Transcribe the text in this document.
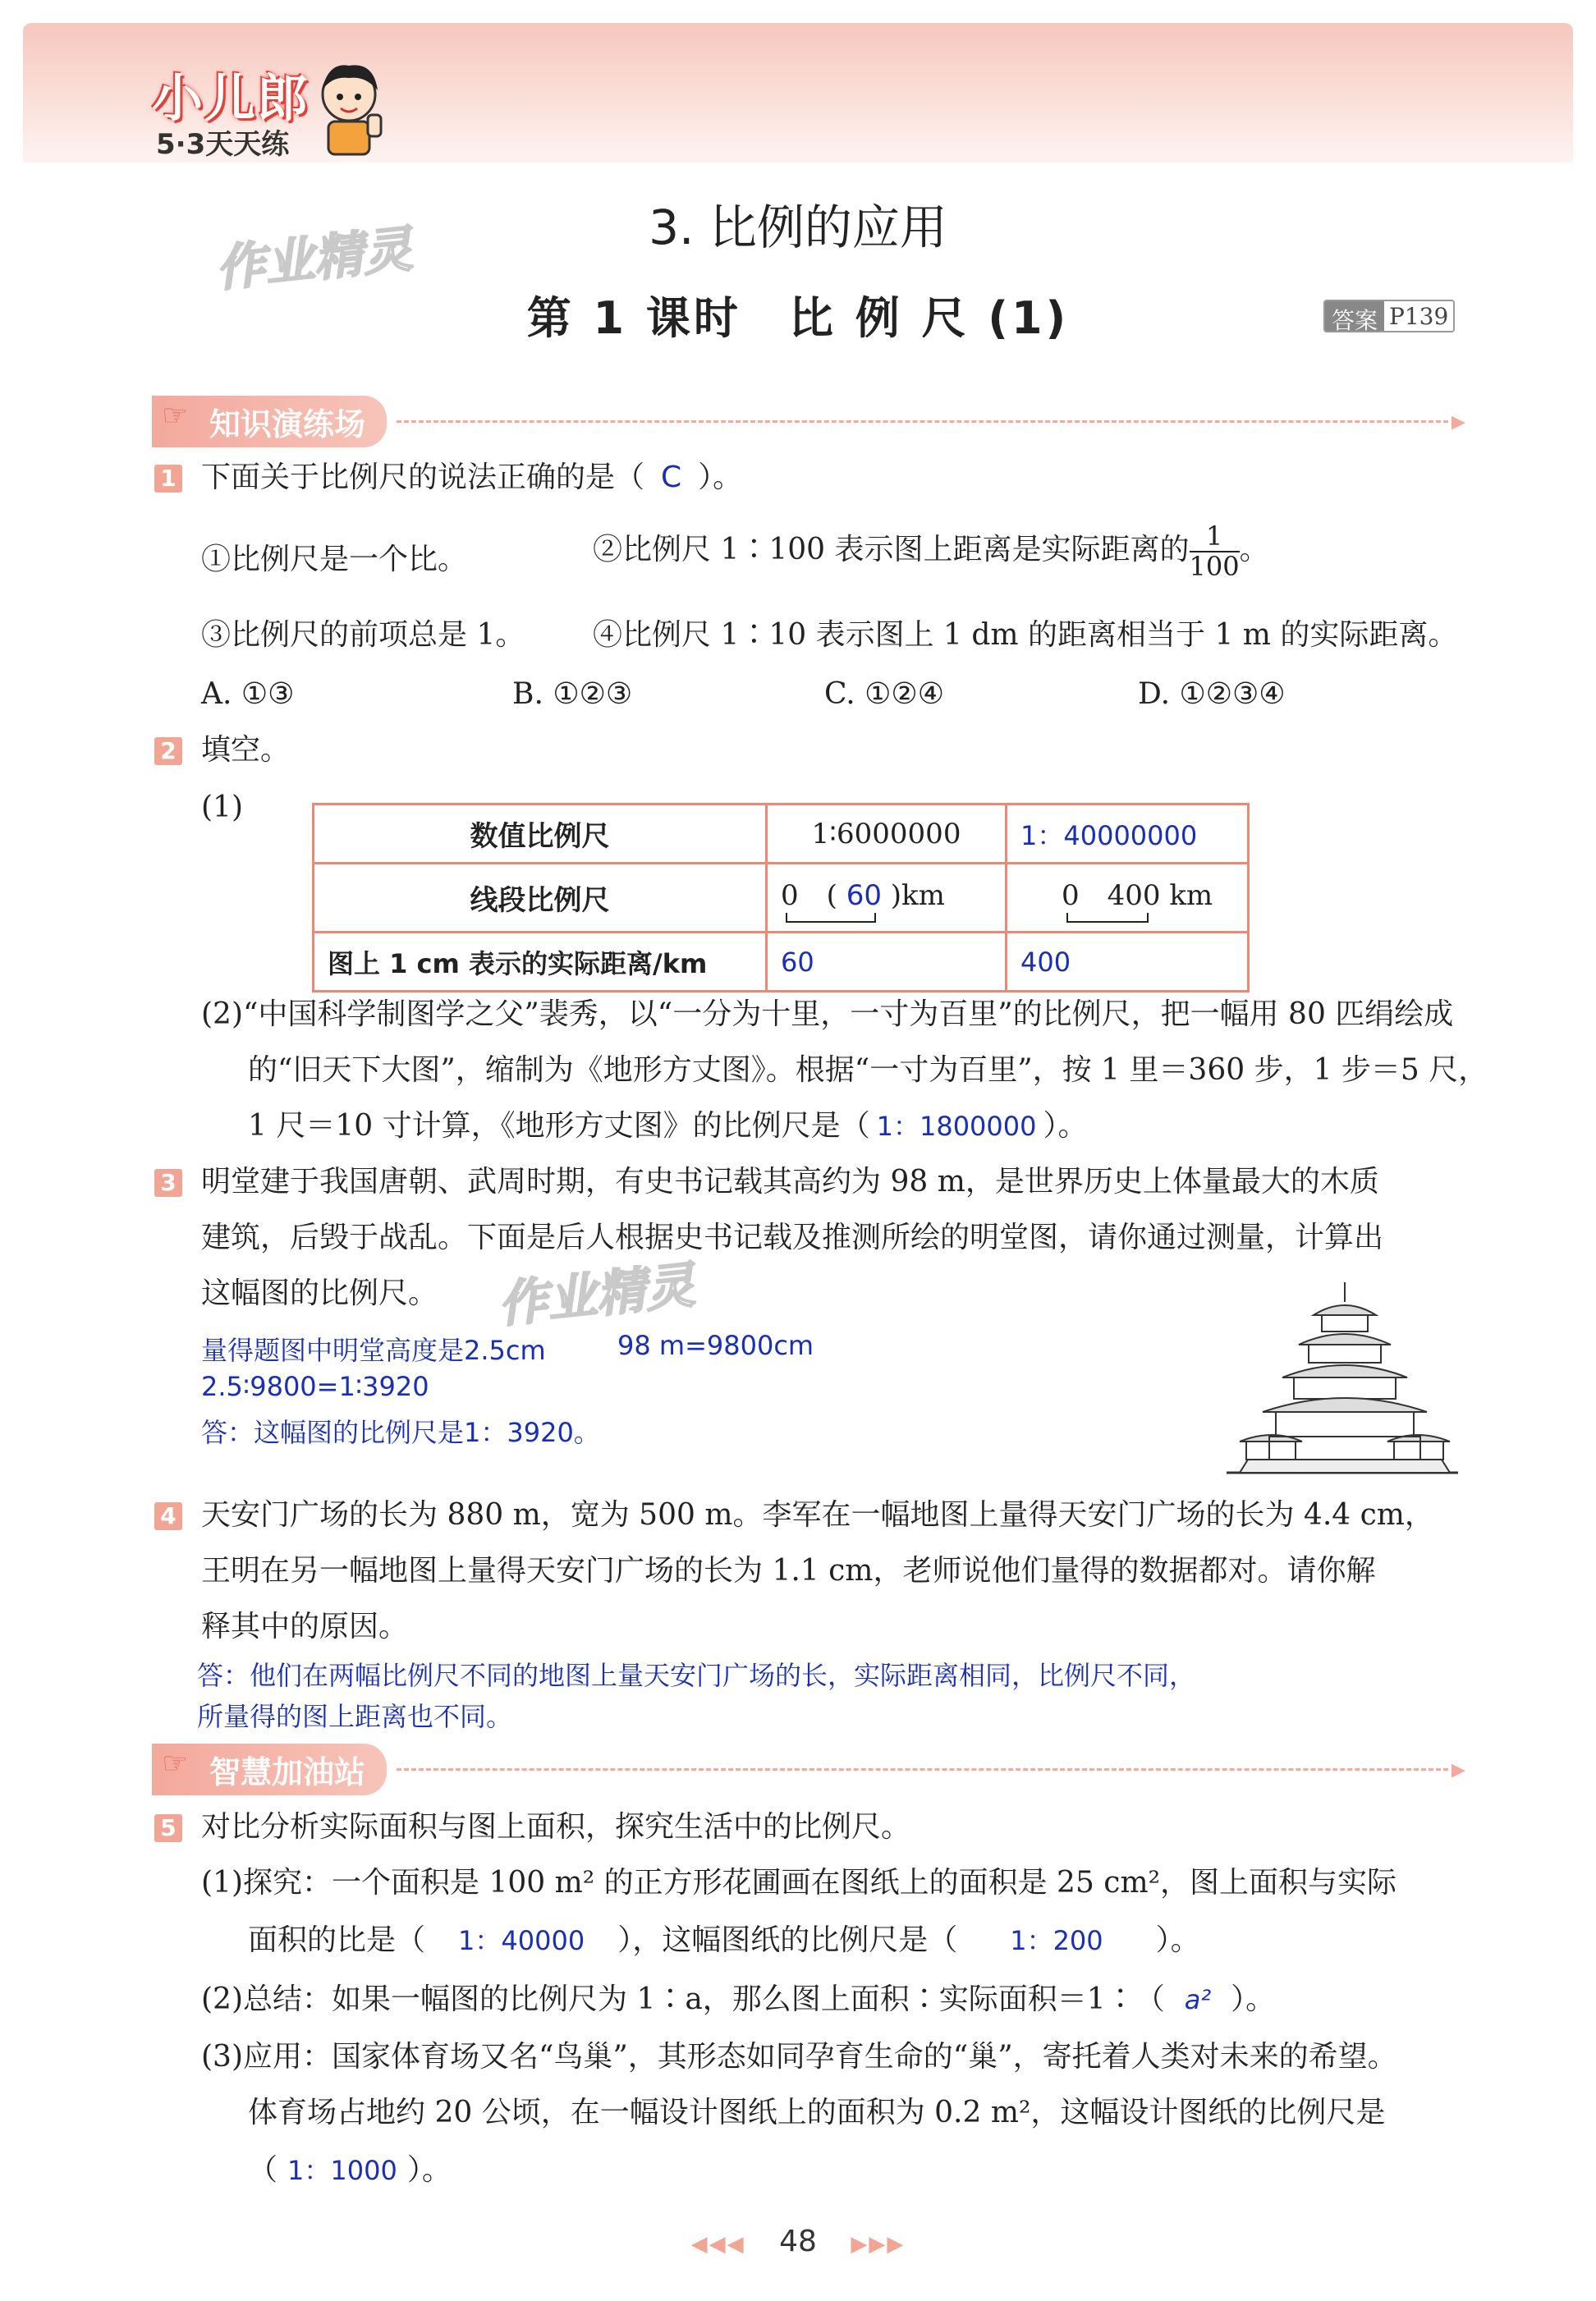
小儿郎
5·3天天练
作业精灵
作业精灵
3. 比例的应用
第 1 课时　比 例 尺 (1)	答案 P139
☞ 知识演练场	▸
1 下面关于比例尺的说法正确的是（ C ）。
①比例尺是一个比。	②比例尺 1∶100 表示图上距离是实际距离的 $\frac{1}{100}$ 。
③比例尺的前项总是 1。 ④比例尺 1∶10 表示图上 1 dm 的距离相当于 1 m 的实际距离。
A. ①③	B. ①②③	C. ①②④	D. ①②③④
2 填空。
(1)
数值比例尺	1∶6000000	1：40000000
线段比例尺	0　 ( 60 )km	0　400 km

图上 1 cm 表示的实际距离/km	60	400
(2)“中国科学制图学之父”裴秀，以“一分为十里，一寸为百里”的比例尺，把一幅用 80 匹绢绘成
的“旧天下大图”，缩制为《地形方丈图》。根据“一寸为百里”，按 1 里＝360 步，1 步＝5 尺，
1 尺＝10 寸计算，《地形方丈图》的比例尺是（ 1：1800000 ）。
3 明堂建于我国唐朝、武周时期，有史书记载其高约为 98 m，是世界历史上体量最大的木质
建筑，后毁于战乱。下面是后人根据史书记载及推测所绘的明堂图，请你通过测量，计算出
这幅图的比例尺。
量得题图中明堂高度是2.5cm	98 m=9800cm
2.5∶9800=1∶3920
答：这幅图的比例尺是1：3920。
4 天安门广场的长为 880 m，宽为 500 m。李军在一幅地图上量得天安门广场的长为 4.4 cm，
王明在另一幅地图上量得天安门广场的长为 1.1 cm，老师说他们量得的数据都对。请你解
释其中的原因。
答：他们在两幅比例尺不同的地图上量天安门广场的长，实际距离相同，比例尺不同，
所量得的图上距离也不同。
☞ 智慧加油站	▸
5 对比分析实际面积与图上面积，探究生活中的比例尺。
(1)探究：一个面积是 100 m² 的正方形花圃画在图纸上的面积是 25 cm²，图上面积与实际
面积的比是（ 1：40000 ），这幅图纸的比例尺是（ 1：200 ）。
(2)总结：如果一幅图的比例尺为 1∶a，那么图上面积∶实际面积＝1∶（ a² ）。
(3)应用：国家体育场又名“鸟巢”，其形态如同孕育生命的“巢”，寄托着人类对未来的希望。
体育场占地约 20 公顷，在一幅设计图纸上的面积为 0.2 m²，这幅设计图纸的比例尺是
（ 1：1000 ）。
◀◀◀ 48 ▶▶▶
